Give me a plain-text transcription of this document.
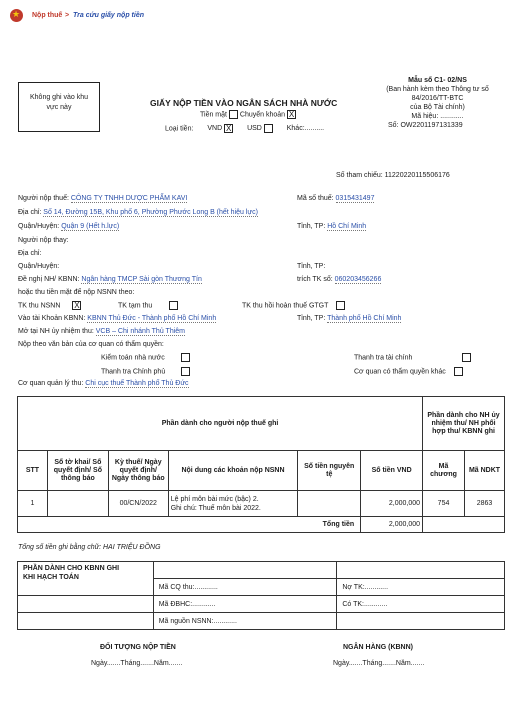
★
Nộp thuế > Tra cứu giấy nộp tiền
Không ghi vào khu vực này
Mẫu số C1- 02/NS
(Ban hành kèm theo Thông tư số
84/2016/TT-BTC
của Bộ Tài chính)
Mã hiệu: ............
Số: OW2201197131339
GIẤY NỘP TIỀN VÀO NGÂN SÁCH NHÀ NƯỚC
Tiền mặt Chuyển khoản X
Loại tiền: VND X USD	Khác:..........
Số tham chiếu: 11220220115506176
Người nộp thuế: CÔNG TY TNHH DƯỢC PHẨM KAVI	Mã số thuế: 0315431497
Địa chỉ: Số 14, Đường 15B, Khu phố 6, Phường Phước Long B (hết hiệu lực)
Quận/Huyện: Quận 9 (Hết h.lực)	Tỉnh, TP: Hồ Chí Minh
Người nộp thay:
Địa chỉ:
Quận/Huyện:	Tỉnh, TP:
Đề nghị NH/ KBNN: Ngân hàng TMCP Sài gòn Thương Tín	trích TK số: 060203456266
hoặc thu tiền mặt để nộp NSNN theo:
TK thu NSNN X	TK tạm thu	TK thu hồi hoàn thuế GTGT
Vào tài Khoản KBNN: KBNN Thủ Đức - Thành phố Hồ Chí Minh	Tỉnh, TP: Thành phố Hồ Chí Minh
Mở tại NH ủy nhiệm thu: VCB – Chi nhánh Thủ Thiêm
Nộp theo văn bản của cơ quan có thẩm quyền:
Kiểm toán nhà nước	Thanh tra tài chính
Thanh tra Chính phủ	Cơ quan có thẩm quyền khác
Cơ quan quản lý thu: Chi cục thuế Thành phố Thủ Đức
Phần dành cho người nộp thuế ghi						Phần dành cho NH ủy nhiệm thu/ NH phối hợp thu/ KBNN ghi	
STT	Số tờ khai/ Số quyết định/ Số thông báo	Kỳ thuế/ Ngày quyết định/ Ngày thông báo	Nội dung các khoản nộp NSNN	Số tiền nguyên tệ	Số tiền VND	Mã chương	Mã NDKT
1		00/CN/2022	Lệ phí môn bài mức (bậc) 2.
Ghi chú: Thuế môn bài 2022.		2,000,000	754	2863
Tổng tiền					2,000,000		
Tổng số tiền ghi bằng chữ: HAI TRIỆU ĐỒNG
PHẦN DÀNH CHO KBNN GHI
KHI HẠCH TOÁN		

	Mã CQ thu:............	Nợ TK:............
	Mã ĐBHC:............	Có TK:............
	Mã nguồn NSNN:............	
ĐỐI TƯỢNG NỘP TIỀN
Ngày.......Tháng.......Năm.......
NGÂN HÀNG (KBNN)
Ngày.......Tháng.......Năm.......
